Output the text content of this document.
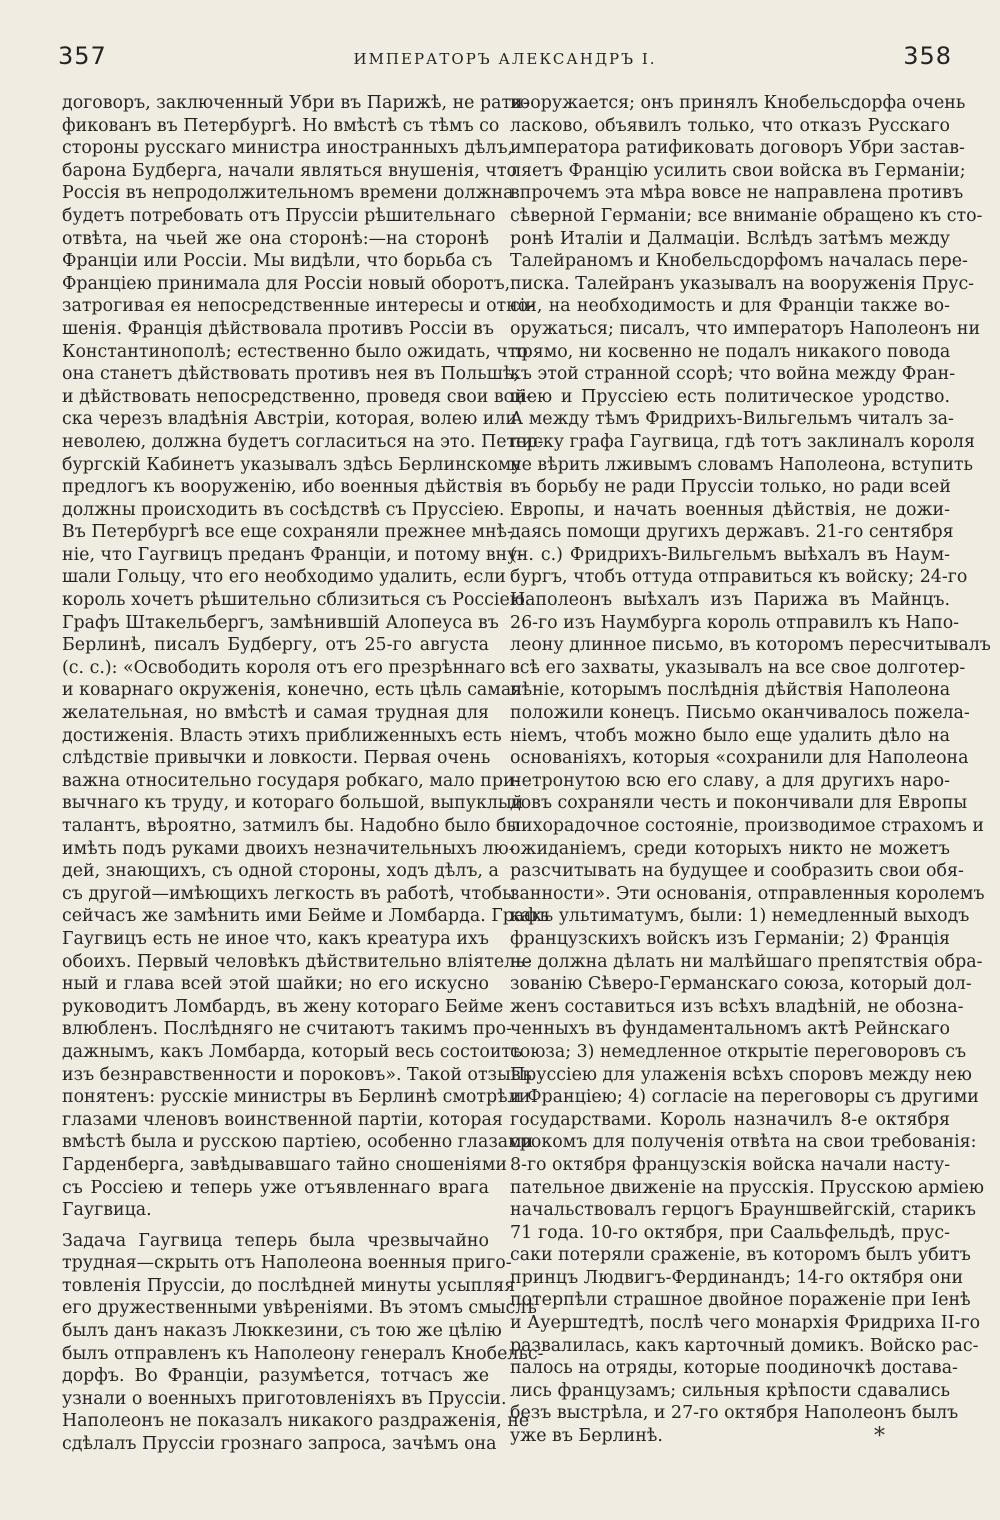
357	ИМПЕРАТОРЪ АЛЕКСАНДРЪ I.	358
договоръ, заключенный Убри въ Парижѣ, не рати-
фикованъ въ Петербургѣ. Но вмѣстѣ съ тѣмъ со
стороны русскаго министра иностранныхъ дѣлъ,
барона Будберга, начали являться внушенія, что
Россія въ непродолжительномъ времени должна
будетъ потребовать отъ Пруссіи рѣшительнаго
отвѣта, на чьей же она сторонѣ:—на сторонѣ
Франціи или Россіи. Мы видѣли, что борьба съ
Франціею принимала для Россіи новый оборотъ,
затрогивая ея непосредственные интересы и отно-
шенія. Франція дѣйствовала противъ Россіи въ
Константинополѣ; естественно было ожидать, что
она станетъ дѣйствовать противъ нея въ Польшѣ,
и дѣйствовать непосредственно, проведя свои вой-
ска черезъ владѣнія Австріи, которая, волею или
неволею, должна будетъ согласиться на это. Петер-
бургскій Кабинетъ указывалъ здѣсь Берлинскому
предлогъ къ вооруженію, ибо военныя дѣйствія
должны происходить въ сосѣдствѣ съ Пруссіею.
Въ Петербургѣ все еще сохраняли прежнее мнѣ-
ніе, что Гаугвицъ преданъ Франціи, и потому вну-
шали Гольцу, что его необходимо удалить, если
король хочетъ рѣшительно сблизиться съ Россіею.
Графъ Штакельбергъ, замѣнившій Алопеуса въ
Берлинѣ, писалъ Будбергу, отъ 25-го августа
(с. с.): «Освободить короля отъ его презрѣннаго
и коварнаго окруженія, конечно, есть цѣль самая
желательная, но вмѣстѣ и самая трудная для
достиженія. Власть этихъ приближенныхъ есть
слѣдствіе привычки и ловкости. Первая очень
важна относительно государя робкаго, мало при-
вычнаго къ труду, и котораго большой, выпуклый
талантъ, вѣроятно, затмилъ бы. Надобно было бы
имѣть подъ руками двоихъ незначительныхъ лю-
дей, знающихъ, съ одной стороны, ходъ дѣлъ, а
съ другой—имѣющихъ легкость въ работѣ, чтобы
сейчасъ же замѣнить ими Бейме и Ломбарда. Графъ
Гаугвицъ есть не иное что, какъ креатура ихъ
обоихъ. Первый человѣкъ дѣйствительно вліятель-
ный и глава всей этой шайки; но его искусно
руководитъ Ломбардъ, въ жену котораго Бейме
влюбленъ. Послѣдняго не считаютъ такимъ про-
дажнымъ, какъ Ломбарда, который весь состоитъ
изъ безнравственности и пороковъ». Такой отзывъ
понятенъ: русскіе министры въ Берлинѣ смотрѣли
глазами членовъ воинственной партіи, которая
вмѣстѣ была и русскою партіею, особенно глазами
Гарденберга, завѣдывавшаго тайно сношеніями
съ Россіею и теперь уже отъявленнаго врага
Гаугвица.
Задача Гаугвица теперь была чрезвычайно
трудная—скрыть отъ Наполеона военныя приго-
товленія Пруссіи, до послѣдней минуты усыпляя
его дружественными увѣреніями. Въ этомъ смыслѣ
былъ данъ наказъ Люккезини, съ тою же цѣлію
былъ отправленъ къ Наполеону генералъ Кнобельс-
дорфъ. Во Франціи, разумѣется, тотчасъ же
узнали о военныхъ приготовленіяхъ въ Пруссіи.
Наполеонъ не показалъ никакого раздраженія, не
сдѣлалъ Пруссіи грознаго запроса, зачѣмъ она
вооружается; онъ принялъ Кнобельсдорфа очень
ласково, объявилъ только, что отказъ Русскаго
императора ратификовать договоръ Убри застав-
ляетъ Францію усилить свои войска въ Германіи;
впрочемъ эта мѣра вовсе не направлена противъ
сѣверной Германіи; все вниманіе обращено къ сто-
ронѣ Италіи и Далмаціи. Вслѣдъ затѣмъ между
Талейраномъ и Кнобельсдорфомъ началась пере-
писка. Талейранъ указывалъ на вооруженія Прус-
сіи, на необходимость и для Франціи также во-
оружаться; писалъ, что императоръ Наполеонъ ни
прямо, ни косвенно не подалъ никакого повода
къ этой странной ссорѣ; что война между Фран-
ціею и Пруссіею есть политическое уродство.
А между тѣмъ Фридрихъ-Вильгельмъ читалъ за-
писку графа Гаугвица, гдѣ тотъ заклиналъ короля
не вѣрить лживымъ словамъ Наполеона, вступить
въ борьбу не ради Пруссіи только, но ради всей
Европы, и начать военныя дѣйствія, не дожи-
даясь помощи другихъ державъ. 21-го сентября
(н. с.) Фридрихъ-Вильгельмъ выѣхалъ въ Наум-
бургъ, чтобъ оттуда отправиться къ войску; 24-го
Наполеонъ выѣхалъ изъ Парижа въ Майнцъ.
26-го изъ Наумбурга король отправилъ къ Напо-
леону длинное письмо, въ которомъ пересчитывалъ
всѣ его захваты, указывалъ на все свое долготер-
пѣніе, которымъ послѣднія дѣйствія Наполеона
положили конецъ. Письмо оканчивалось пожела-
ніемъ, чтобъ можно было еще удалить дѣло на
основаніяхъ, которыя «сохранили для Наполеона
нетронутою всю его славу, а для другихъ наро-
довъ сохраняли честь и покончивали для Европы
лихорадочное состояніе, производимое страхомъ и
ожиданіемъ, среди которыхъ никто не можетъ
разсчитывать на будущее и сообразить свои обя-
занности». Эти основанія, отправленныя королемъ
какъ ультиматумъ, были: 1) немедленный выходъ
французскихъ войскъ изъ Германіи; 2) Франція
не должна дѣлать ни малѣйшаго препятствія обра-
зованію Сѣверо-Германскаго союза, который дол-
женъ составиться изъ всѣхъ владѣній, не обозна-
ченныхъ въ фундаментальномъ актѣ Рейнскаго
союза; 3) немедленное открытіе переговоровъ съ
Пруссіею для улаженія всѣхъ споровъ между нею
и Франціею; 4) согласіе на переговоры съ другими
государствами. Король назначилъ 8-е октября
срокомъ для полученія отвѣта на свои требованія:
8-го октября французскія войска начали насту-
пательное движеніе на прусскія. Прусскою арміею
начальствовалъ герцогъ Брауншвейгскій, старикъ
71 года. 10-го октября, при Саальфельдѣ, прус-
саки потеряли сраженіе, въ которомъ былъ убитъ
принцъ Людвигъ-Фердинандъ; 14-го октября они
потерпѣли страшное двойное пораженіе при Іенѣ
и Ауерштедтѣ, послѣ чего монархія Фридриха II-го
развалилась, какъ карточный домикъ. Войско рас-
палось на отряды, которые поодиночкѣ достава-
лись французамъ; сильныя крѣпости сдавались
безъ выстрѣла, и 27-го октября Наполеонъ былъ
уже въ Берлинѣ.	*
